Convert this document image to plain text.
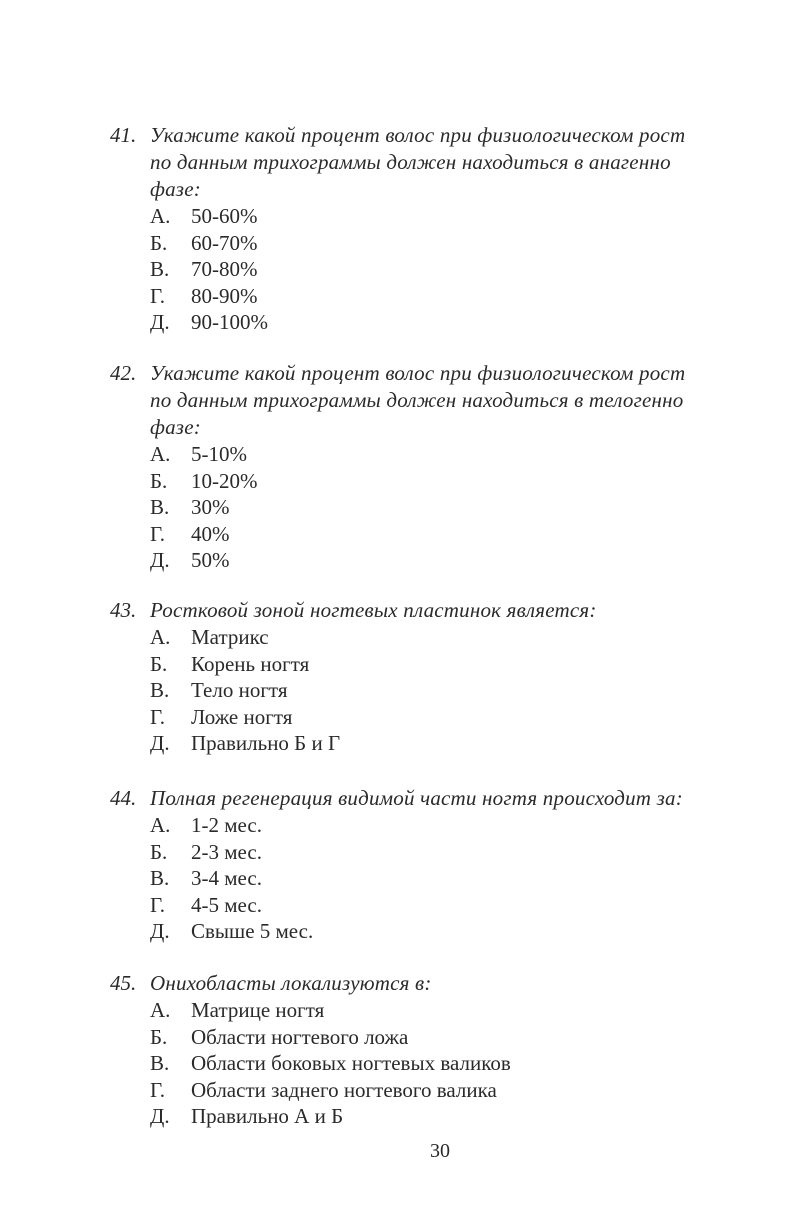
41. Укажите какой процент волос при физиологическом рост
по данным трихограммы должен находиться в анагенно
фазе:
А. 50-60%
Б.	60-70%
В.	70-80%
Г.	80-90%
Д.	90-100%
42. Укажите какой процент волос при физиологическом рост
по данным трихограммы должен находиться в телогенно
фазе:
А. 5-10%
Б.	10-20%
В.	30%
Г.	40%
Д.	50%
43. Ростковой зоной ногтевых пластинок является:
А. Матрикс
Б.	Корень ногтя
В.	Тело ногтя
Г.	Ложе ногтя
Д.	Правильно Б и Г
44. Полная регенерация видимой части ногтя происходит за:
А. 1-2 мес.
Б.	2-3 мес.
В.	3-4 мес.
Г.	4-5 мес.
Д.	Свыше 5 мес.
45. Онихобласты локализуются в:
А. Матрице ногтя
Б.	Области ногтевого ложа
В.	Области боковых ногтевых валиков
Г.	Области заднего ногтевого валика
Д.	Правильно А и Б
30
